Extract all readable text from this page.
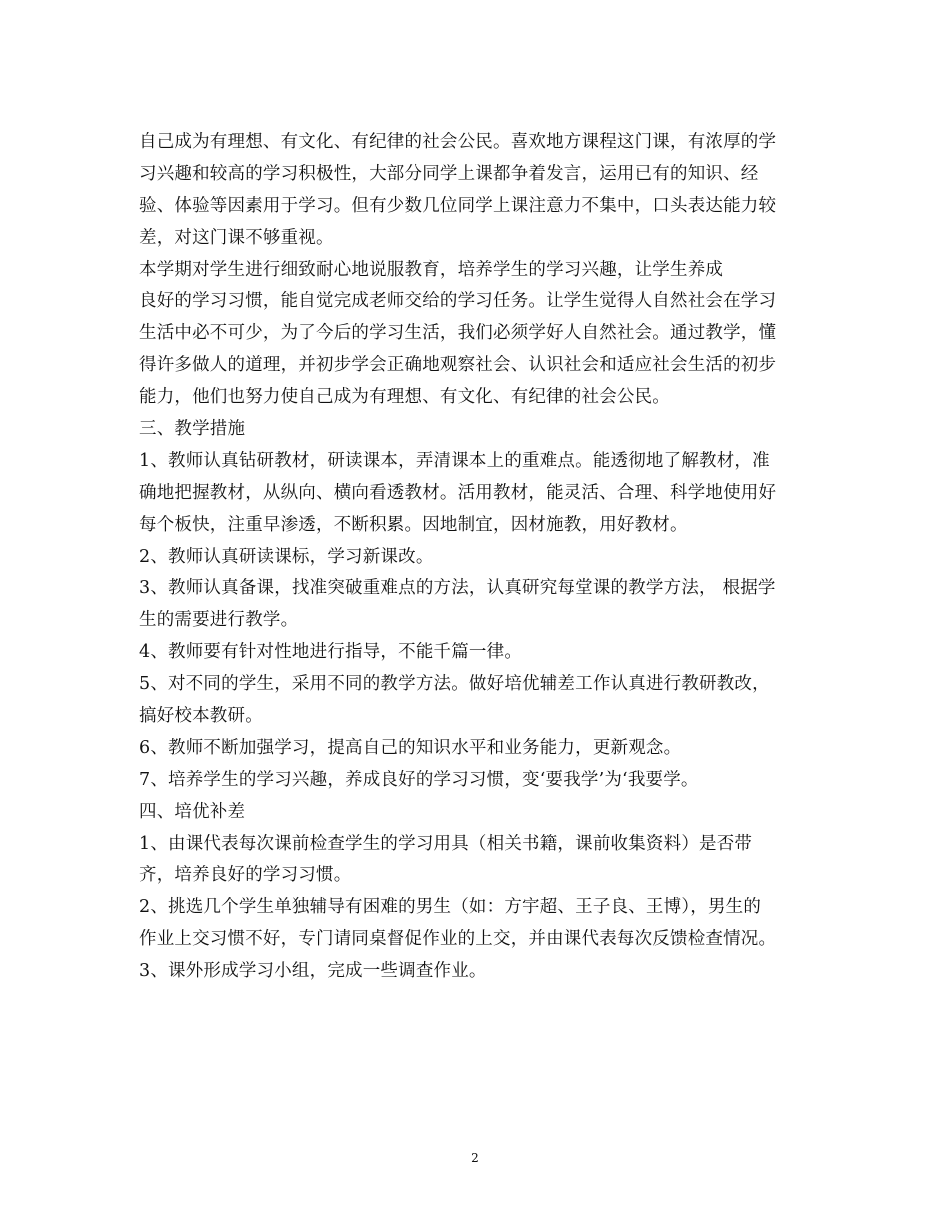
自己成为有理想、有文化、有纪律的社会公民。喜欢地方课程这门课，有浓厚的学
习兴趣和较高的学习积极性，大部分同学上课都争着发言，运用已有的知识、经
验、体验等因素用于学习。但有少数几位同学上课注意力不集中，口头表达能力较
差，对这门课不够重视。
本学期对学生进行细致耐心地说服教育，培养学生的学习兴趣，让学生养成
良好的学习习惯，能自觉完成老师交给的学习任务。让学生觉得人自然社会在学习
生活中必不可少，为了今后的学习生活，我们必须学好人自然社会。通过教学，懂
得许多做人的道理，并初步学会正确地观察社会、认识社会和适应社会生活的初步
能力，他们也努力使自己成为有理想、有文化、有纪律的社会公民。
三、教学措施
1、教师认真钻研教材，研读课本，弄清课本上的重难点。能透彻地了解教材，准
确地把握教材，从纵向、横向看透教材。活用教材，能灵活、合理、科学地使用好
每个板快，注重早渗透，不断积累。因地制宜，因材施教，用好教材。
2、教师认真研读课标，学习新课改。
3、教师认真备课，找准突破重难点的方法，认真研究每堂课的教学方法， 根据学
生的需要进行教学。
4、教师要有针对性地进行指导，不能千篇一律。
5、对不同的学生，采用不同的教学方法。做好培优辅差工作认真进行教研教改，
搞好校本教研。
6、教师不断加强学习，提高自己的知识水平和业务能力，更新观念。
7、培养学生的学习兴趣，养成良好的学习习惯，变‘要我学’为‘我要学。
四、培优补差
1、由课代表每次课前检查学生的学习用具（相关书籍，课前收集资料）是否带
齐，培养良好的学习习惯。
2、挑选几个学生单独辅导有困难的男生（如：方宇超、王子良、王博），男生的
作业上交习惯不好，专门请同桌督促作业的上交，并由课代表每次反馈检查情况。
3、课外形成学习小组，完成一些调查作业。
2
